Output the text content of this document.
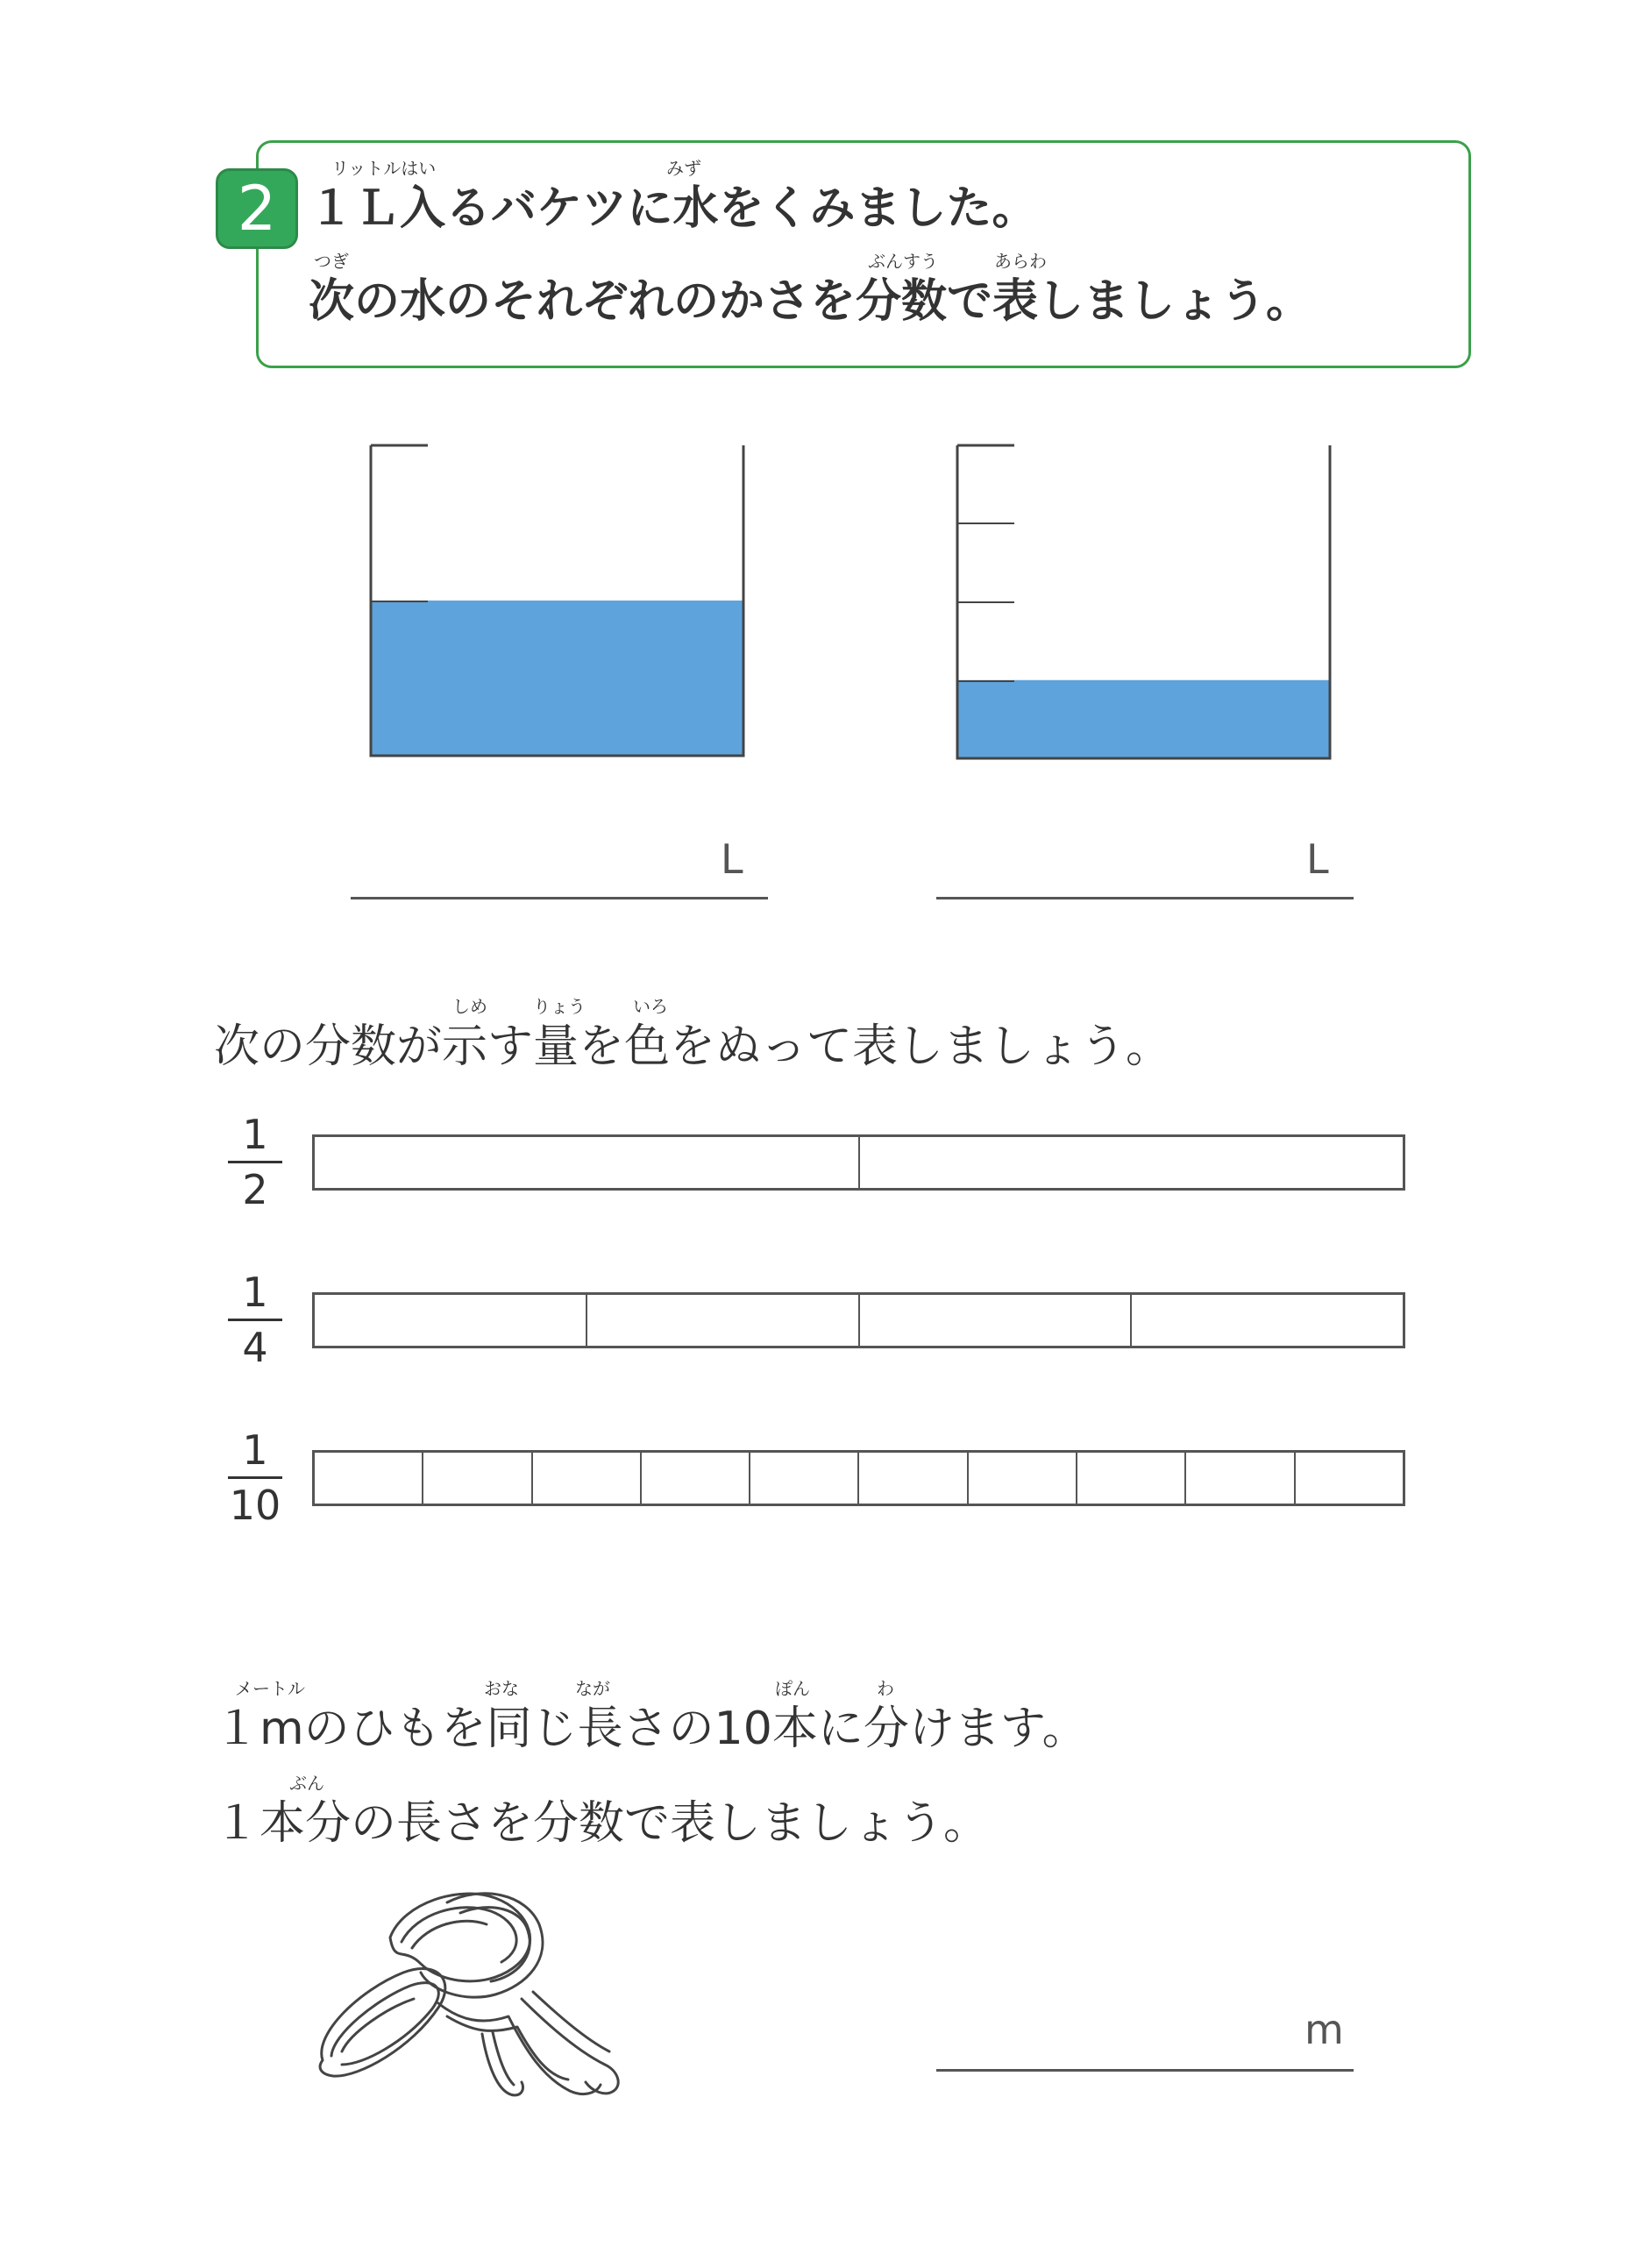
2
リットルはい	みず
１Ｌ入るバケツに水をくみました。
つぎ	ぶんすう	あらわ
次の水のそれぞれのかさを分数で表しましょう。
L	L
しめ	りょう	いろ
次の分数が示す量を色をぬって表しましょう。
1
2
1
4
1
10
メートル	おな	なが	ぽん	わ
１mのひもを同じ長さの10本に分けます。
ぶん
１本分の長さを分数で表しましょう。
m
